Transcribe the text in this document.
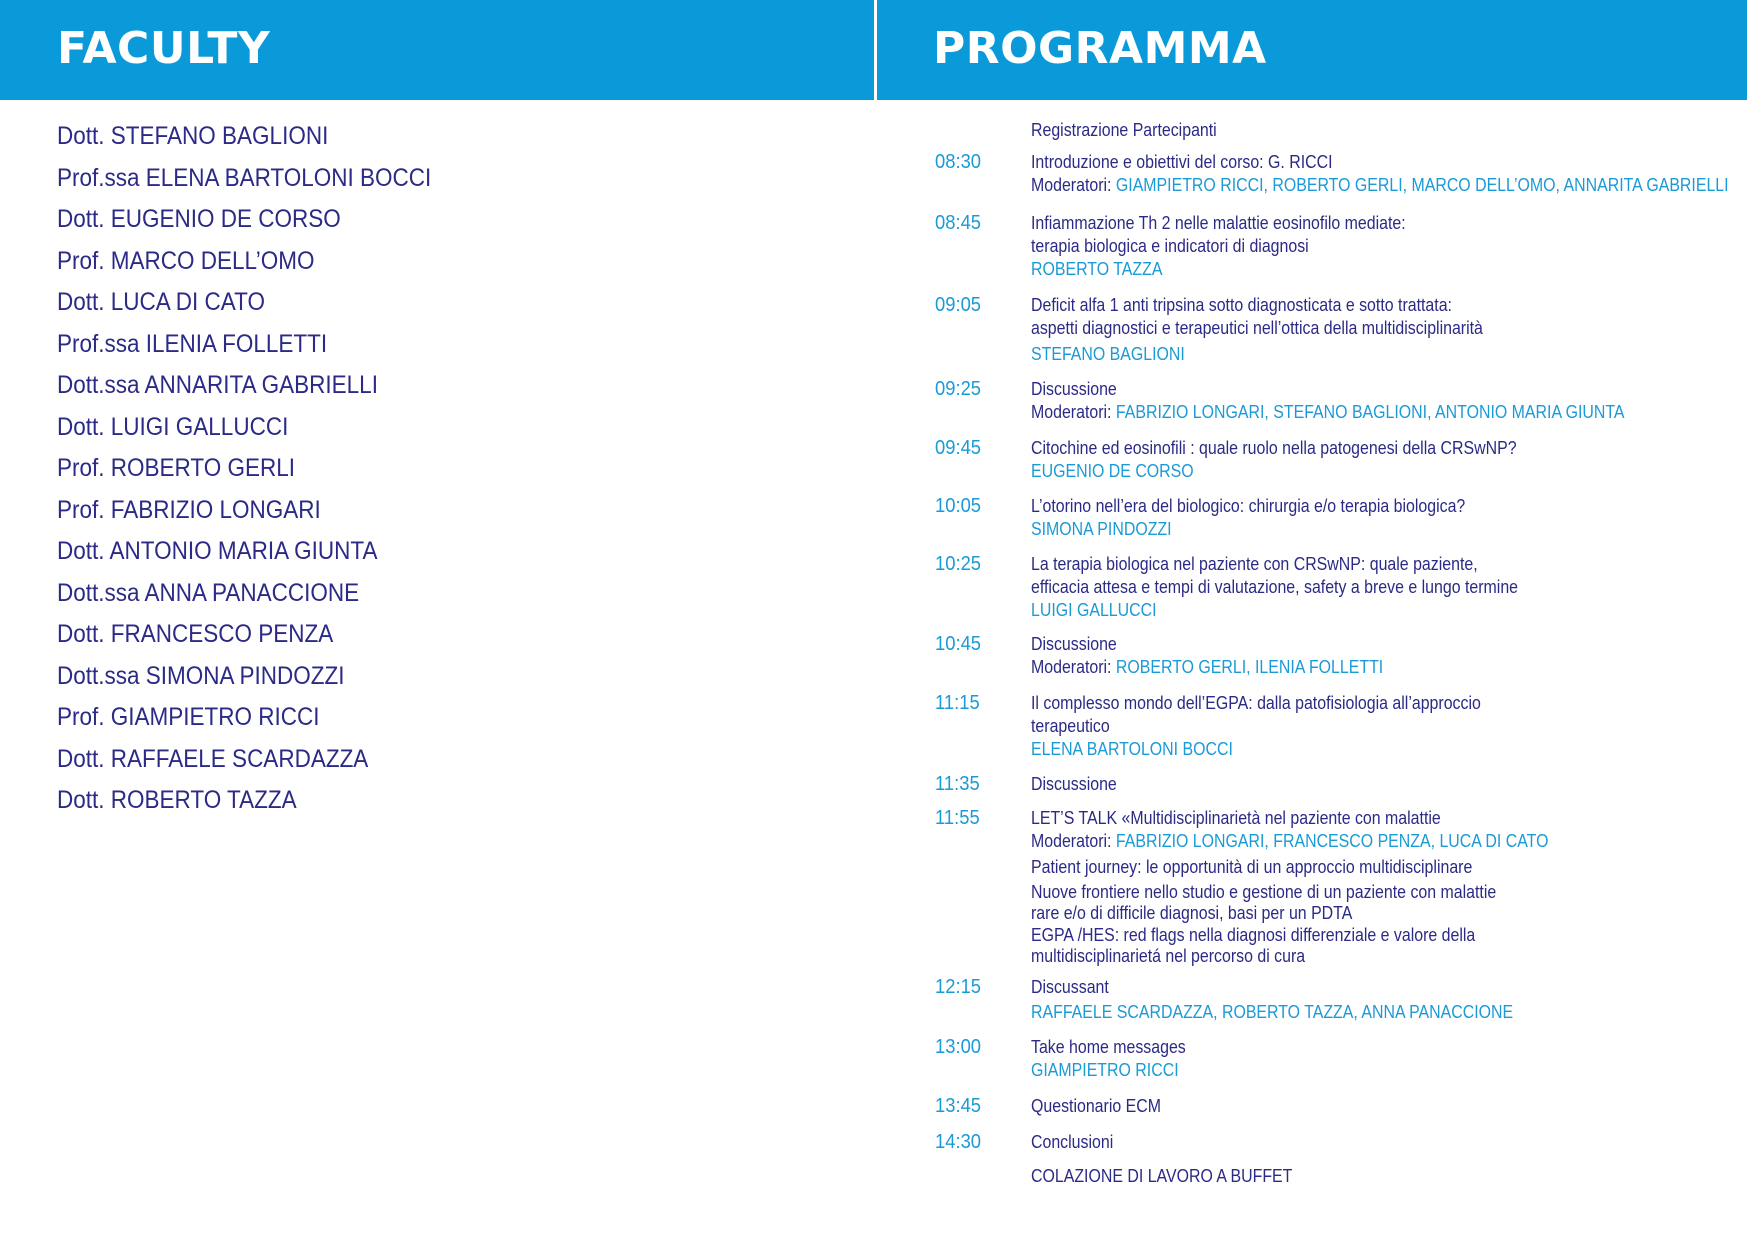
FACULTY	PROGRAMMA
Dott. STEFANO BAGLIONI
Prof.ssa ELENA BARTOLONI BOCCI
Dott. EUGENIO DE CORSO
Prof. MARCO DELL’OMO
Dott. LUCA DI CATO
Prof.ssa ILENIA FOLLETTI
Dott.ssa ANNARITA GABRIELLI
Dott. LUIGI GALLUCCI
Prof. ROBERTO GERLI
Prof. FABRIZIO LONGARI
Dott. ANTONIO MARIA GIUNTA
Dott.ssa ANNA PANACCIONE
Dott. FRANCESCO PENZA
Dott.ssa SIMONA PINDOZZI
Prof. GIAMPIETRO RICCI
Dott. RAFFAELE SCARDAZZA
Dott. ROBERTO TAZZA
Registrazione Partecipanti
08:30	Introduzione e obiettivi del corso: G. RICCI
Moderatori: GIAMPIETRO RICCI, ROBERTO GERLI, MARCO DELL’OMO, ANNARITA GABRIELLI
08:45	Infiammazione Th 2 nelle malattie eosinofilo mediate:
terapia biologica e indicatori di diagnosi
ROBERTO TAZZA
09:05	Deficit alfa 1 anti tripsina sotto diagnosticata e sotto trattata:
aspetti diagnostici e terapeutici nell’ottica della multidisciplinarità
STEFANO BAGLIONI
09:25	Discussione
Moderatori: FABRIZIO LONGARI, STEFANO BAGLIONI, ANTONIO MARIA GIUNTA
09:45	Citochine ed eosinofili : quale ruolo nella patogenesi della CRSwNP?
EUGENIO DE CORSO
10:05	L’otorino nell’era del biologico: chirurgia e/o terapia biologica?
SIMONA PINDOZZI
10:25	La terapia biologica nel paziente con CRSwNP: quale paziente,
efficacia attesa e tempi di valutazione, safety a breve e lungo termine
LUIGI GALLUCCI
10:45	Discussione
Moderatori: ROBERTO GERLI, ILENIA FOLLETTI
11:15	Il complesso mondo dell’EGPA: dalla patofisiologia all’approccio
terapeutico
ELENA BARTOLONI BOCCI
11:35	Discussione
11:55	LET’S TALK «Multidisciplinarietà nel paziente con malattie
Moderatori: FABRIZIO LONGARI, FRANCESCO PENZA, LUCA DI CATO
Patient journey: le opportunità di un approccio multidisciplinare
Nuove frontiere nello studio e gestione di un paziente con malattie
rare e/o di difficile diagnosi, basi per un PDTA
EGPA /HES: red flags nella diagnosi differenziale e valore della
multidisciplinarietá nel percorso di cura
12:15	Discussant
RAFFAELE SCARDAZZA, ROBERTO TAZZA, ANNA PANACCIONE
13:00	Take home messages
GIAMPIETRO RICCI
13:45	Questionario ECM
14:30	Conclusioni
COLAZIONE DI LAVORO A BUFFET
